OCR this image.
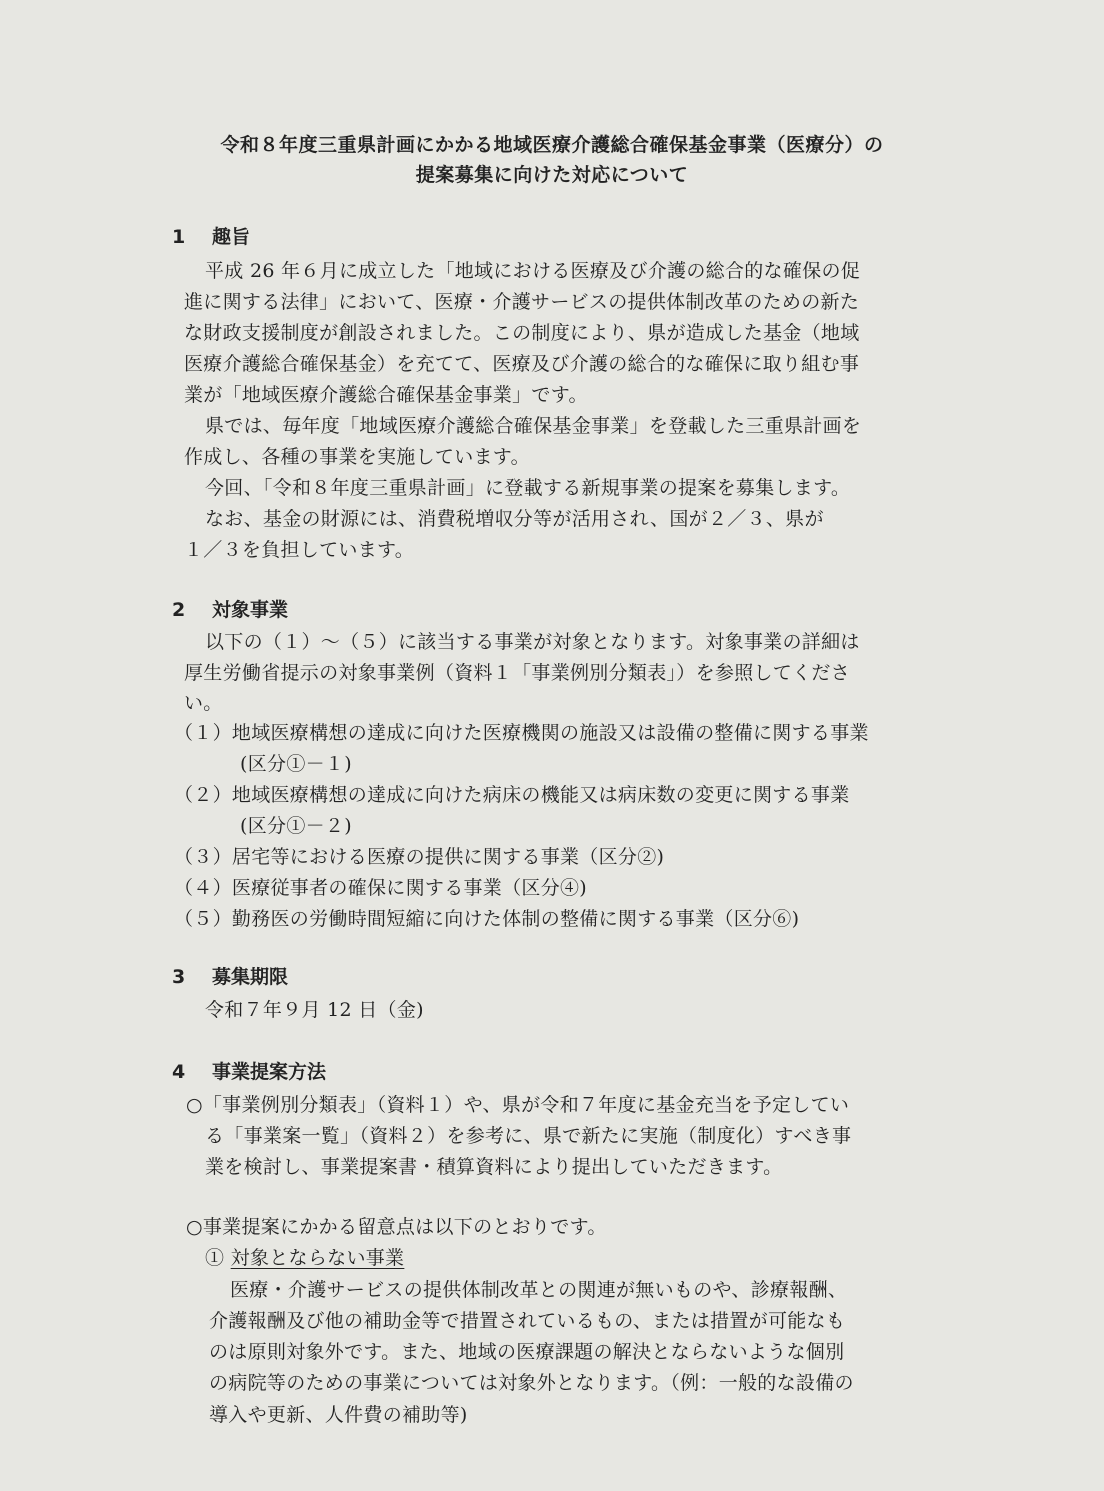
令和８年度三重県計画にかかる地域医療介護総合確保基金事業（医療分）の
提案募集に向けた対応について
1 趣旨
平成 26 年６月に成立した「地域における医療及び介護の総合的な確保の促
進に関する法律」において、医療・介護サービスの提供体制改革のための新た
な財政支援制度が創設されました。この制度により、県が造成した基金（地域
医療介護総合確保基金）を充てて、医療及び介護の総合的な確保に取り組む事
業が「地域医療介護総合確保基金事業」です。
県では、毎年度「地域医療介護総合確保基金事業」を登載した三重県計画を
作成し、各種の事業を実施しています。
今回、「令和８年度三重県計画」に登載する新規事業の提案を募集します。
なお、基金の財源には、消費税増収分等が活用され、国が２／３、県が
１／３を負担しています。
2 対象事業
以下の（１）～（５）に該当する事業が対象となります。対象事業の詳細は
厚生労働省提示の対象事業例（資料１「事業例別分類表」）を参照してくださ
い。
（１）地域医療構想の達成に向けた医療機関の施設又は設備の整備に関する事業
(区分①－１)
（２）地域医療構想の達成に向けた病床の機能又は病床数の変更に関する事業
(区分①－２)
（３）居宅等における医療の提供に関する事業（区分②)
（４）医療従事者の確保に関する事業（区分④)
（５）勤務医の労働時間短縮に向けた体制の整備に関する事業（区分⑥)
3 募集期限
令和７年９月 12 日（金)
4 事業提案方法
○「事業例別分類表」（資料１）や、県が令和７年度に基金充当を予定してい
る「事業案一覧」（資料２）を参考に、県で新たに実施（制度化）すべき事
業を検討し、事業提案書・積算資料により提出していただきます。
○事業提案にかかる留意点は以下のとおりです。
① 対象とならない事業
医療・介護サービスの提供体制改革との関連が無いものや、診療報酬、
介護報酬及び他の補助金等で措置されているもの、または措置が可能なも
のは原則対象外です。また、地域の医療課題の解決とならないような個別
の病院等のための事業については対象外となります。（例：一般的な設備の
導入や更新、人件費の補助等)
